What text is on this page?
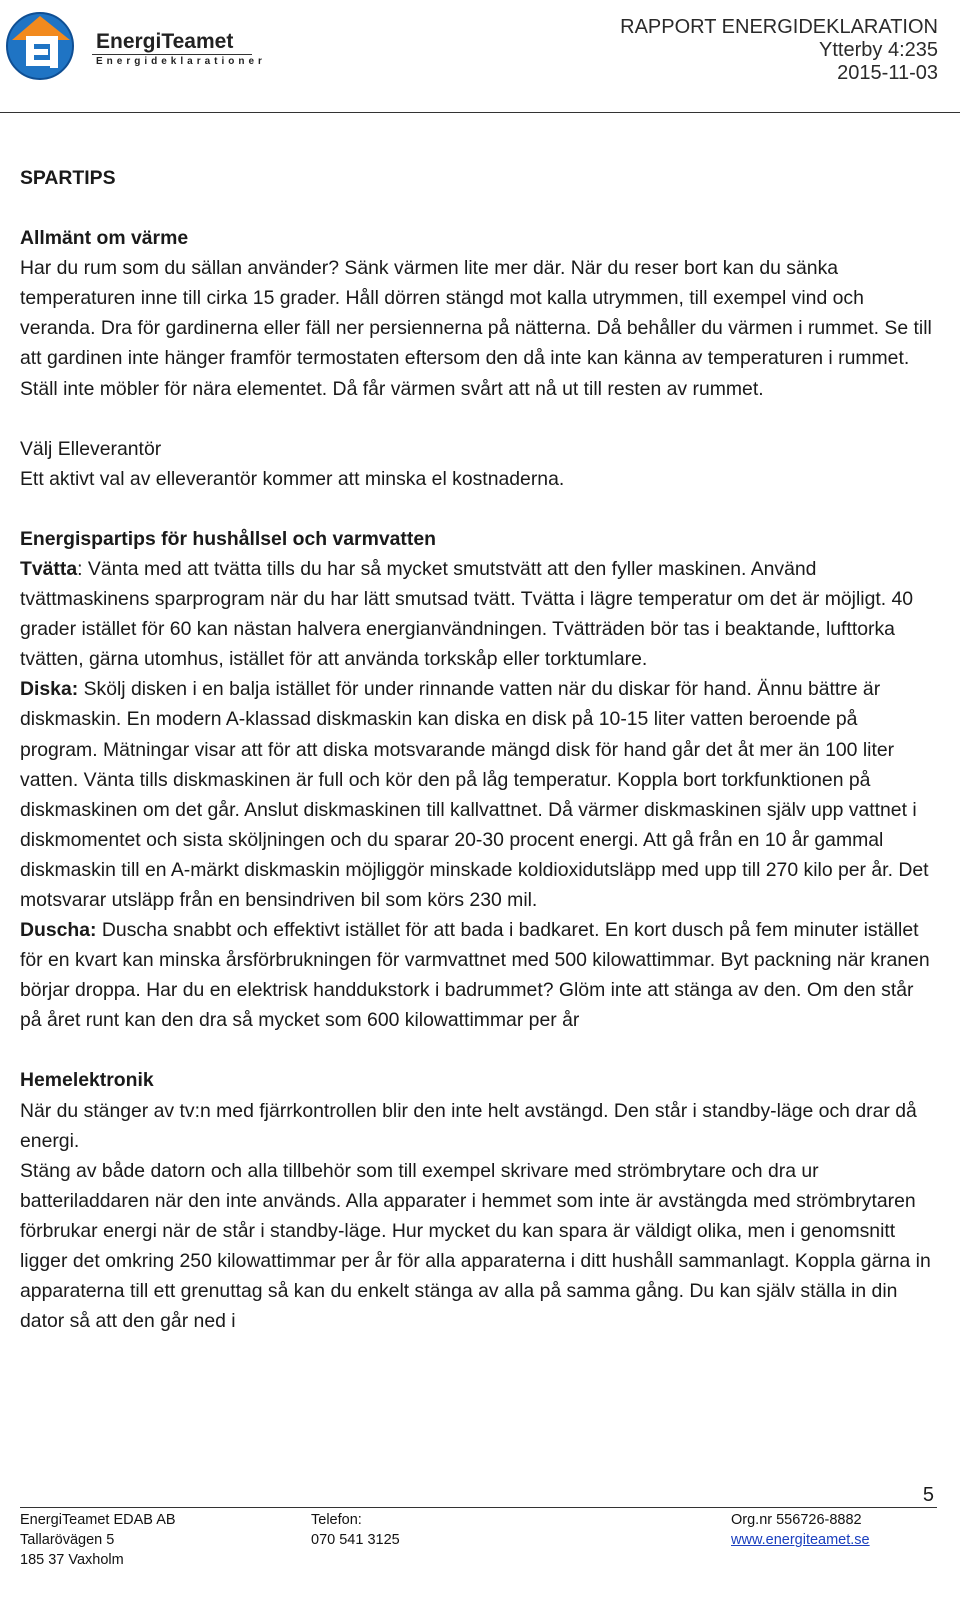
EnergiTeamet
Energideklarationer
RAPPORT ENERGIDEKLARATION
Ytterby 4:235
2015-11-03

SPARTIPS

Allmänt om värme

Har du rum som du sällan använder? Sänk värmen lite mer där. När du reser bort kan du sänka temperaturen inne till cirka 15 grader. Håll dörren stängd mot kalla utrymmen, till exempel vind och veranda. Dra för gardinerna eller fäll ner persiennerna på nätterna. Då behåller du värmen i rummet. Se till att gardinen inte hänger framför termostaten eftersom den då inte kan känna av temperaturen i rummet. Ställ inte möbler för nära elementet. Då får värmen svårt att nå ut till resten av rummet.

Välj Elleverantör

Ett aktivt val av elleverantör kommer att minska el kostnaderna.

Energispartips för hushållsel och varmvatten

Tvätta: Vänta med att tvätta tills du har så mycket smutstvätt att den fyller maskinen. Använd tvättmaskinens sparprogram när du har lätt smutsad tvätt. Tvätta i lägre temperatur om det är möjligt. 40 grader istället för 60 kan nästan halvera energianvändningen. Tvätträden bör tas i beaktande, lufttorka tvätten, gärna utomhus, istället för att använda torkskåp eller torktumlare.

Diska: Skölj disken i en balja istället för under rinnande vatten när du diskar för hand. Ännu bättre är diskmaskin. En modern A-klassad diskmaskin kan diska en disk på 10-15 liter vatten beroende på program. Mätningar visar att för att diska motsvarande mängd disk för hand går det åt mer än 100 liter vatten. Vänta tills diskmaskinen är full och kör den på låg temperatur. Koppla bort torkfunktionen på diskmaskinen om det går. Anslut diskmaskinen till kallvattnet. Då värmer diskmaskinen själv upp vattnet i diskmomentet och sista sköljningen och du sparar 20-30 procent energi. Att gå från en 10 år gammal diskmaskin till en A-märkt diskmaskin möjliggör minskade koldioxidutsläpp med upp till 270 kilo per år. Det motsvarar utsläpp från en bensindriven bil som körs 230 mil.

Duscha: Duscha snabbt och effektivt istället för att bada i badkaret. En kort dusch på fem minuter istället för en kvart kan minska årsförbrukningen för varmvattnet med 500 kilowattimmar. Byt packning när kranen börjar droppa. Har du en elektrisk handdukstork i badrummet? Glöm inte att stänga av den. Om den står på året runt kan den dra så mycket som 600 kilowattimmar per år

Hemelektronik

När du stänger av tv:n med fjärrkontrollen blir den inte helt avstängd. Den står i standby-läge och drar då energi.

Stäng av både datorn och alla tillbehör som till exempel skrivare med strömbrytare och dra ur batteriladdaren när den inte används. Alla apparater i hemmet som inte är avstängda med strömbrytaren förbrukar energi när de står i standby-läge. Hur mycket du kan spara är väldigt olika, men i genomsnitt ligger det omkring 250 kilowattimmar per år för alla apparaterna i ditt hushåll sammanlagt. Koppla gärna in apparaterna till ett grenuttag så kan du enkelt stänga av alla på samma gång. Du kan själv ställa in din dator så att den går ned i

5
EnergiTeamet EDAB AB
Tallarövägen 5
185 37 Vaxholm
Telefon:
070 541 3125
Org.nr 556726-8882
www.energiteamet.se
